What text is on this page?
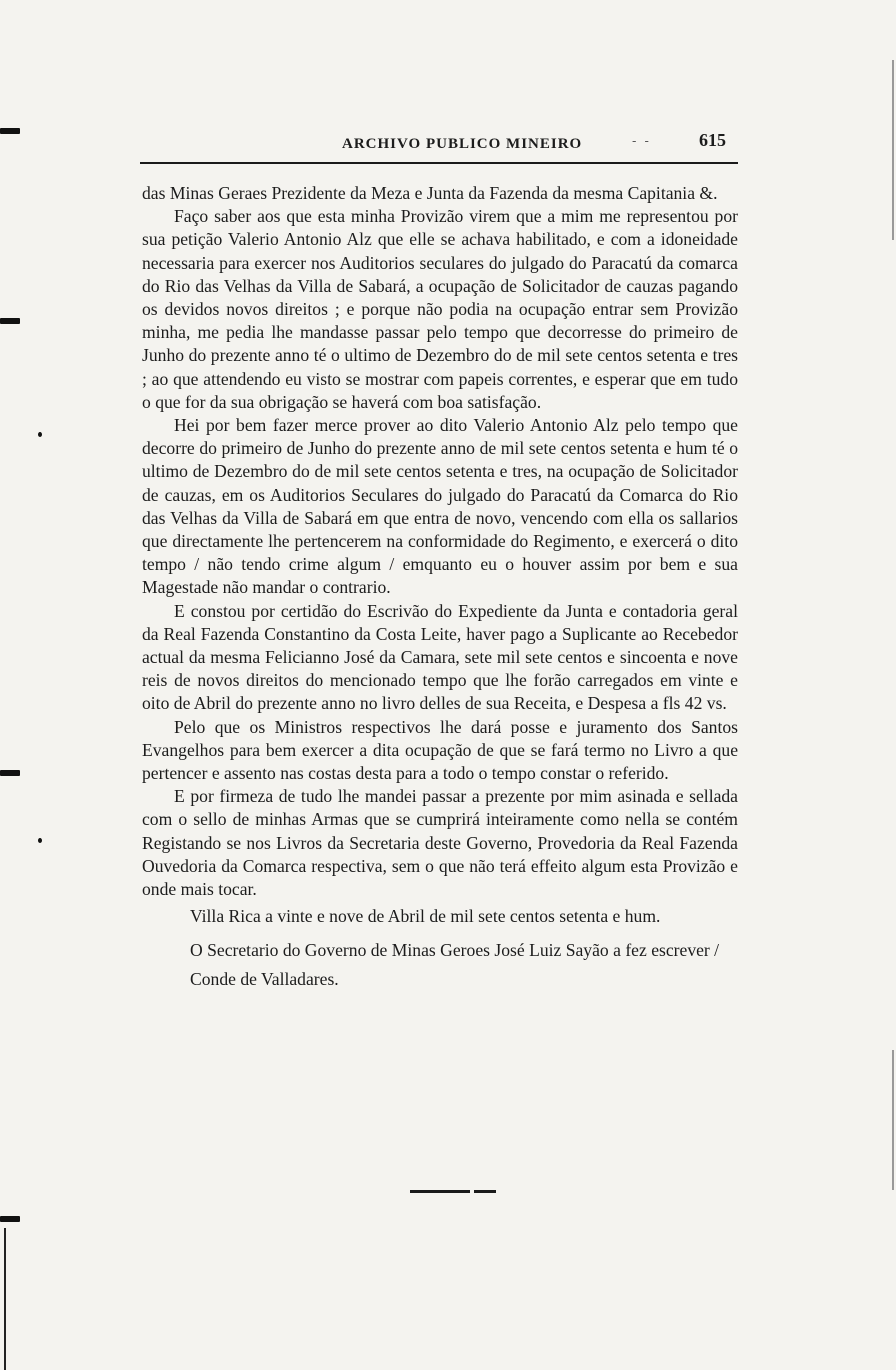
ARCHIVO PUBLICO MINEIRO	- -	615

das Minas Geraes Prezidente da Meza e Junta da Fazenda da mesma Capitania &.

Faço saber aos que esta minha Provizão virem que a mim me representou por sua petição Valerio Antonio Alz que elle se achava habilitado, e com a idoneidade necessaria para exercer nos Auditorios seculares do julgado do Paracatú da comarca do Rio das Velhas da Villa de Sabará, a ocupação de Solicitador de cauzas pagando os devidos novos direitos ; e porque não podia na ocupação entrar sem Provizão minha, me pedia lhe mandasse passar pelo tempo que decorresse do primeiro de Junho do prezente anno té o ultimo de Dezembro do de mil sete centos setenta e tres ; ao que attendendo eu visto se mostrar com papeis correntes, e esperar que em tudo o que for da sua obrigação se haverá com boa satisfação.

Hei por bem fazer merce prover ao dito Valerio Antonio Alz pelo tempo que decorre do primeiro de Junho do prezente anno de mil sete centos setenta e hum té o ultimo de Dezembro do de mil sete centos setenta e tres, na ocupação de Solicitador de cauzas, em os Auditorios Seculares do julgado do Paracatú da Comarca do Rio das Velhas da Villa de Sabará em que entra de novo, vencendo com ella os sallarios que directamente lhe pertencerem na conformidade do Regimento, e exercerá o dito tempo / não tendo crime algum / emquanto eu o houver assim por bem e sua Magestade não mandar o contrario.

E constou por certidão do Escrivão do Expediente da Junta e contadoria geral da Real Fazenda Constantino da Costa Leite, haver pago a Suplicante ao Recebedor actual da mesma Felicianno José da Camara, sete mil sete centos e sincoenta e nove reis de novos direitos do mencionado tempo que lhe forão carregados em vinte e oito de Abril do prezente anno no livro delles de sua Receita, e Despesa a fls 42 vs.

Pelo que os Ministros respectivos lhe dará posse e juramento dos Santos Evangelhos para bem exercer a dita ocupação de que se fará termo no Livro a que pertencer e assento nas costas desta para a todo o tempo constar o referido.

E por firmeza de tudo lhe mandei passar a prezente por mim asinada e sellada com o sello de minhas Armas que se cumprirá inteiramente como nella se contém Registando se nos Livros da Secretaria deste Governo, Provedoria da Real Fazenda Ouvedoria da Comarca respectiva, sem o que não terá effeito algum esta Provizão e onde mais tocar.

Villa Rica a vinte e nove de Abril de mil sete centos setenta e hum.

O Secretario do Governo de Minas Geroes José Luiz Sayão a fez escrever /

Conde de Valladares.
